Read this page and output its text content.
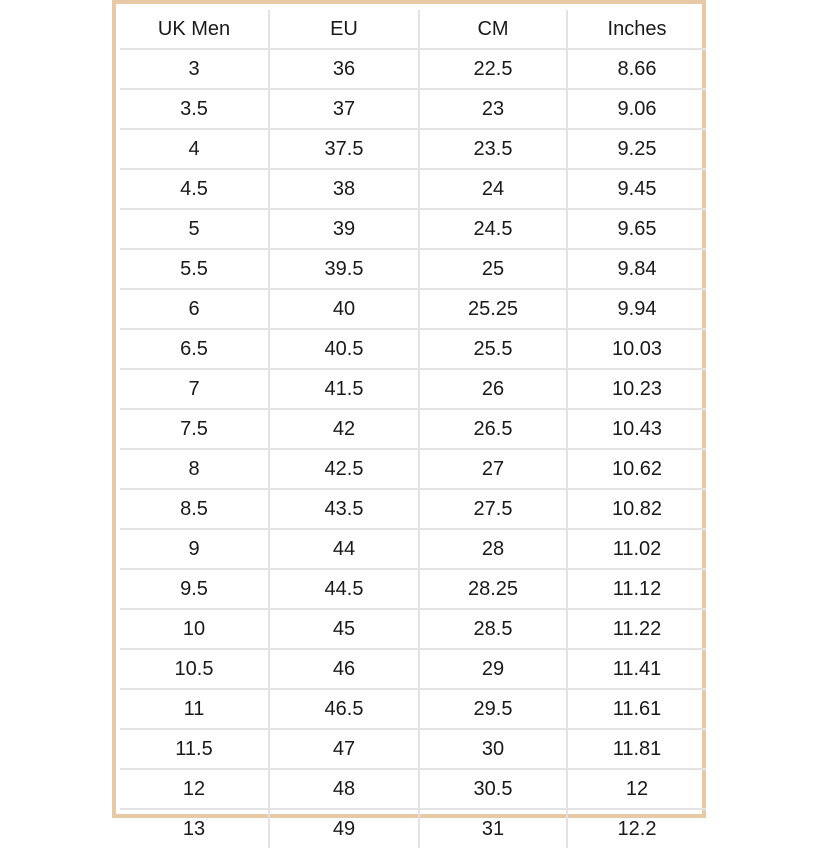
UK Men	EU	CM	Inches
3	36	22.5	8.66
3.5	37	23	9.06
4	37.5	23.5	9.25
4.5	38	24	9.45
5	39	24.5	9.65
5.5	39.5	25	9.84
6	40	25.25	9.94
6.5	40.5	25.5	10.03
7	41.5	26	10.23
7.5	42	26.5	10.43
8	42.5	27	10.62
8.5	43.5	27.5	10.82
9	44	28	11.02
9.5	44.5	28.25	11.12
10	45	28.5	11.22
10.5	46	29	11.41
11	46.5	29.5	11.61
11.5	47	30	11.81
12	48	30.5	12
13	49	31	12.2
